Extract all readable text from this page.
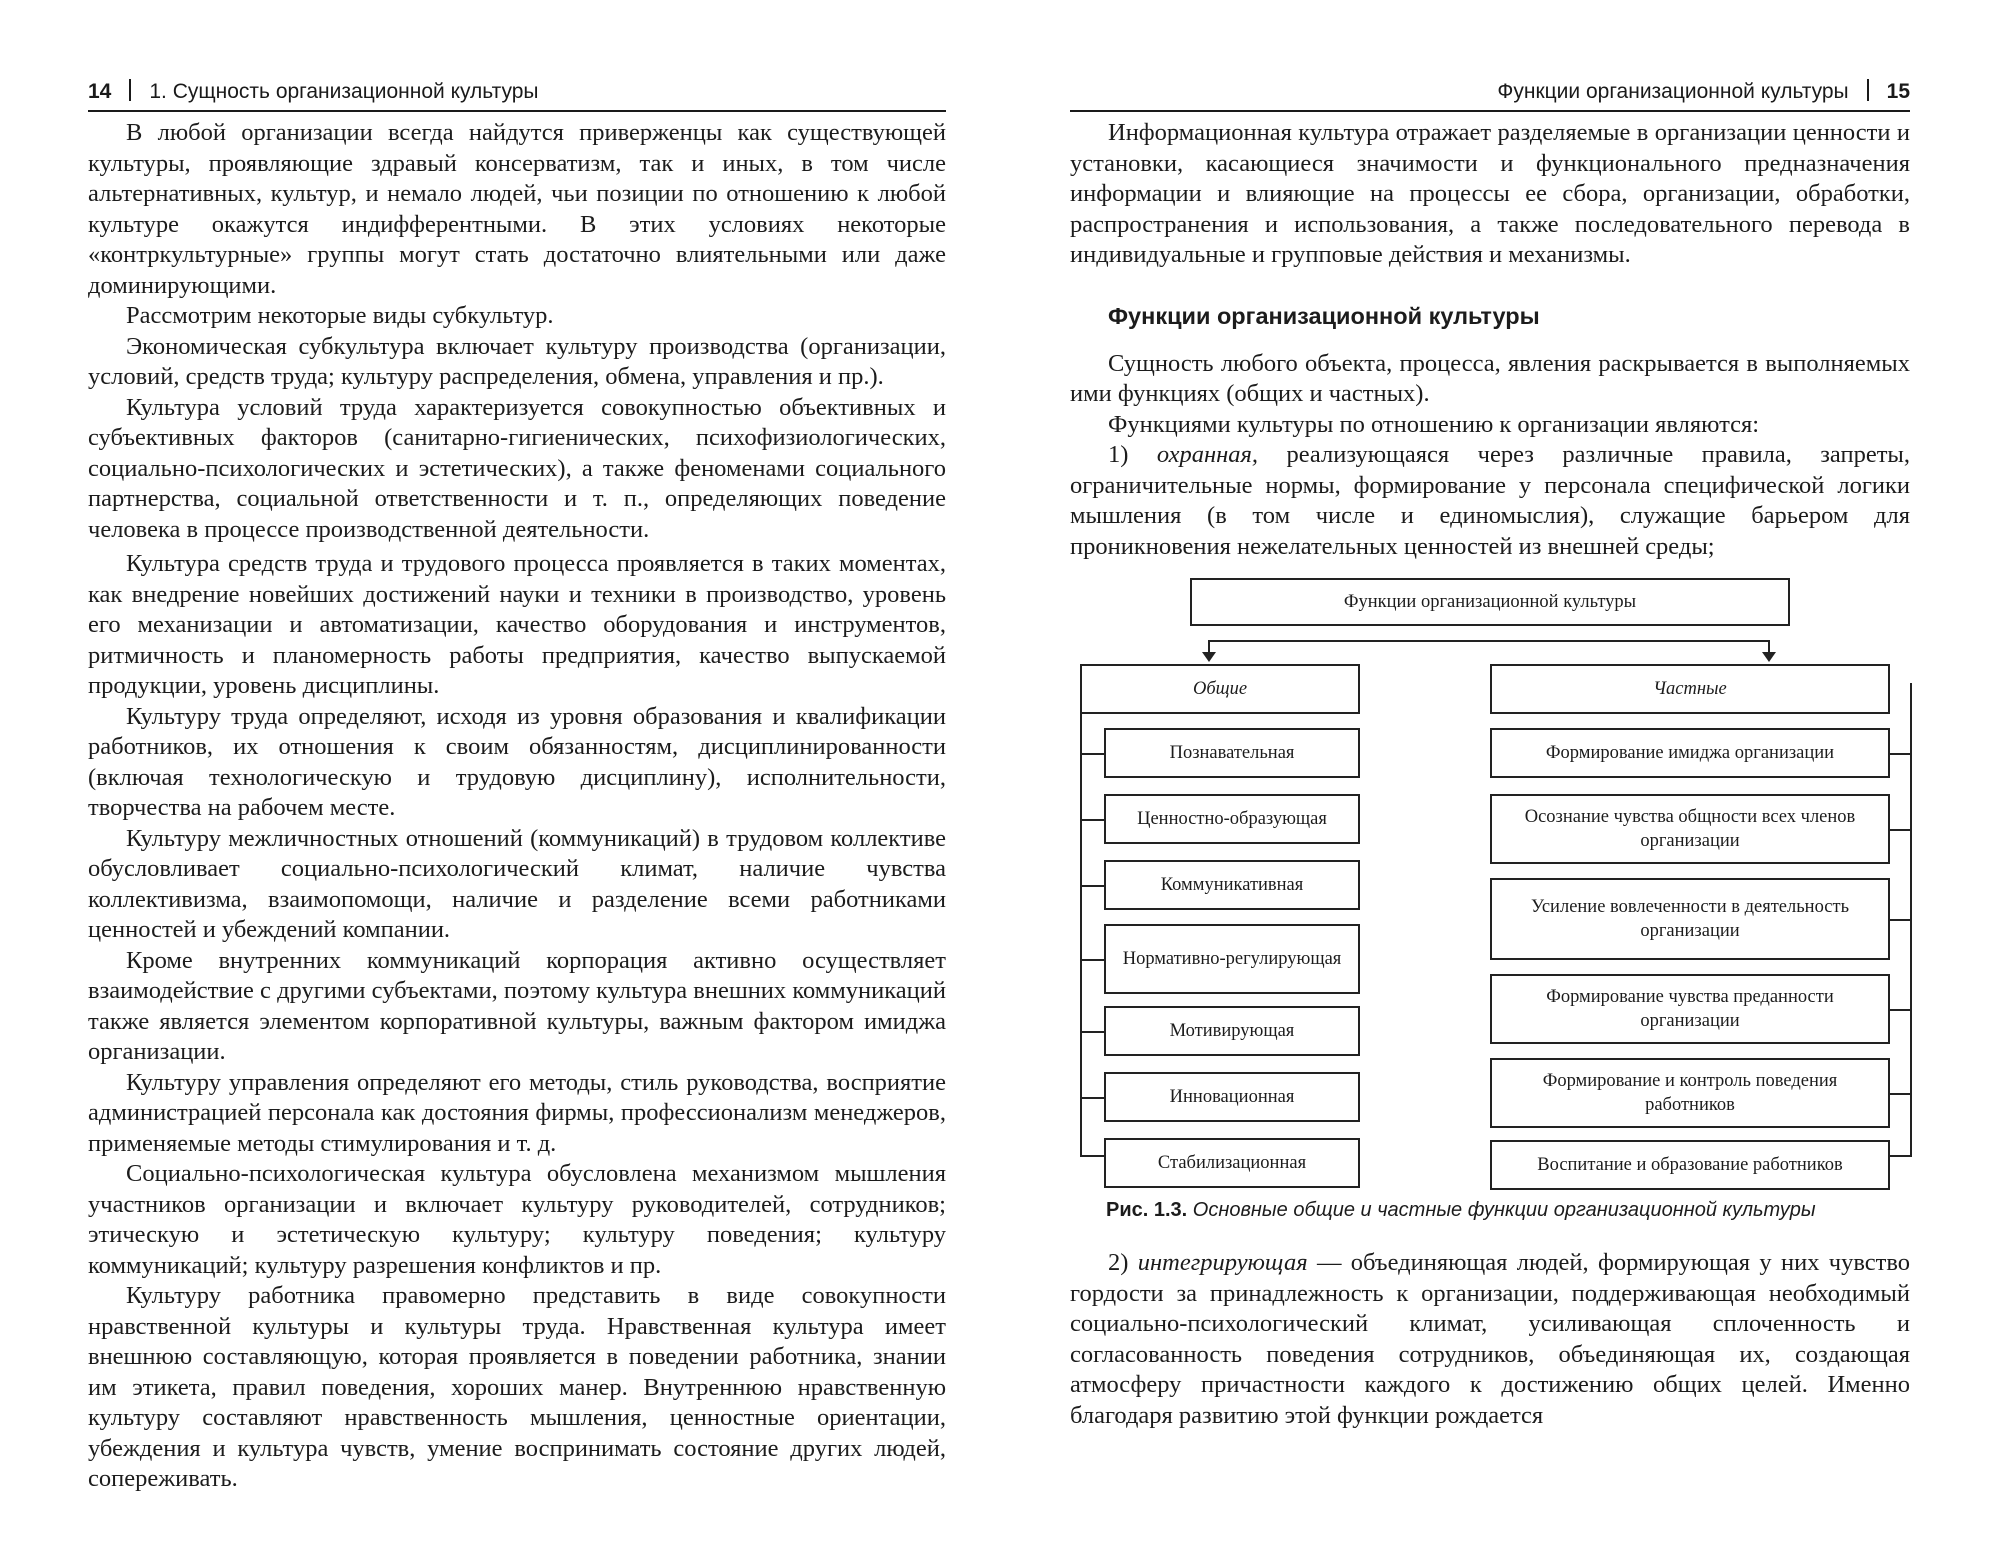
14 1. Сущность организационной культуры

В любой организации всегда найдутся приверженцы как существующей культуры, проявляющие здравый консерватизм, так и иных, в том числе альтернативных, культур, и немало людей, чьи позиции по отношению к любой культуре окажутся индифферентными. В этих условиях некоторые «контркультурные» группы могут стать достаточно влиятельными или даже доминирующими.

Рассмотрим некоторые виды субкультур.

Экономическая субкультура включает культуру производства (организации, условий, средств труда; культуру распределения, обмена, управления и пр.).

Культура условий труда характеризуется совокупностью объективных и субъективных факторов (санитарно-гигиенических, психофизиологических, социально-психологических и эстетических), а также феноменами социального партнерства, социальной ответственности и т. п., определяющих поведение человека в процессе производственной деятельности.

Культура средств труда и трудового процесса проявляется в таких моментах, как внедрение новейших достижений науки и техники в производство, уровень его механизации и автоматизации, качество оборудования и инструментов, ритмичность и планомерность работы предприятия, качество выпускаемой продукции, уровень дисциплины.

Культуру труда определяют, исходя из уровня образования и квалификации работников, их отношения к своим обязанностям, дисциплинированности (включая технологическую и трудовую дисциплину), исполнительности, творчества на рабочем месте.

Культуру межличностных отношений (коммуникаций) в трудовом коллективе обусловливает социально-психологический климат, наличие чувства коллективизма, взаимопомощи, наличие и разделение всеми работниками ценностей и убеждений компании.

Кроме внутренних коммуникаций корпорация активно осуществляет взаимодействие с другими субъектами, поэтому культура внешних коммуникаций также является элементом корпоративной культуры, важным фактором имиджа организации.

Культуру управления определяют его методы, стиль руководства, восприятие администрацией персонала как достояния фирмы, профессионализм менеджеров, применяемые методы стимулирования и т. д.

Социально-психологическая культура обусловлена механизмом мышления участников организации и включает культуру руководителей, сотрудников; этическую и эстетическую культуру; культуру поведения; культуру коммуникаций; культуру разрешения конфликтов и пр.

Культуру работника правомерно представить в виде совокупности нравственной культуры и культуры труда. Нравственная культура имеет внешнюю составляющую, которая проявляется в поведении работника, знании им этикета, правил поведения, хороших манер. Внутреннюю нравственную культуру составляют нравственность мышления, ценностные ориентации, убеждения и культура чувств, умение воспринимать состояние других людей, сопереживать.

Функции организационной культуры 15

Информационная культура отражает разделяемые в организации ценности и установки, касающиеся значимости и функционального предназначения информации и влияющие на процессы ее сбора, организации, обработки, распространения и использования, а также последовательного перевода в индивидуальные и групповые действия и механизмы.

Функции организационной культуры

Сущность любого объекта, процесса, явления раскрывается в выполняемых ими функциях (общих и частных).

Функциями культуры по отношению к организации являются:

1) охранная, реализующаяся через различные правила, запреты, ограничительные нормы, формирование у персонала специфической логики мышления (в том числе и единомыслия), служащие барьером для проникновения нежелательных ценностей из внешней среды;

Функции организационной культуры
Общие
Познавательная
Ценностно-образующая
Коммуникативная
Нормативно-регулирующая
Мотивирующая
Инновационная
Стабилизационная
Частные
Формирование имиджа организации
Осознание чувства общности всех членов организации
Усиление вовлеченности в деятельность организации
Формирование чувства преданности организации
Формирование и контроль поведения работников
Воспитание и образование работников
Рис. 1.3. Основные общие и частные функции организационной культуры

2) интегрирующая — объединяющая людей, формирующая у них чувство гордости за принадлежность к организации, поддерживающая необходимый социально-психологический климат, усиливающая сплоченность и согласованность поведения сотрудников, объединяющая их, создающая атмосферу причастности каждого к достижению общих целей. Именно благодаря развитию этой функции рождается
